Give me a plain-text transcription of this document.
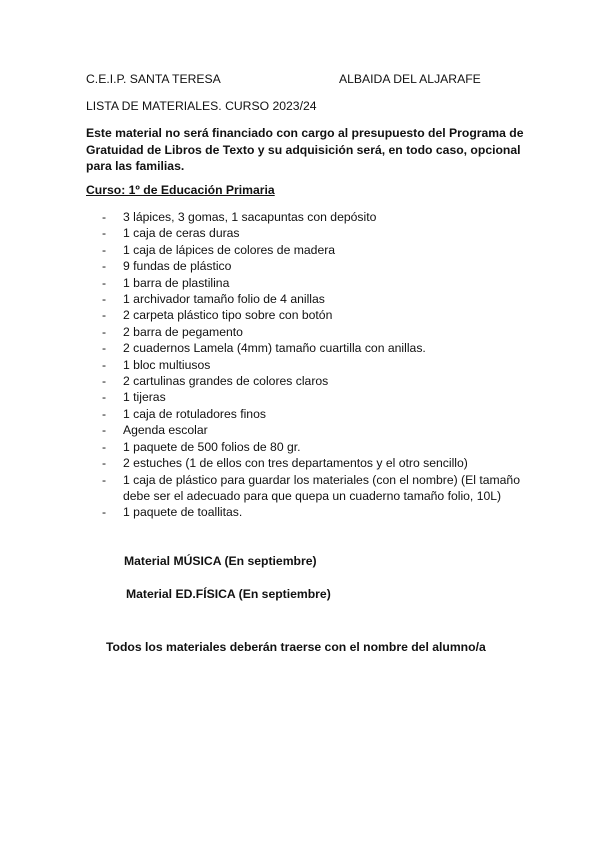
C.E.I.P. SANTA TERESA	ALBAIDA DEL ALJARAFE
LISTA DE MATERIALES. CURSO 2023/24
Este material no será financiado con cargo al presupuesto del Programa de Gratuidad de Libros de Texto y su adquisición será, en todo caso, opcional para las familias.
Curso: 1º de Educación Primaria
- 3 lápices, 3 gomas, 1 sacapuntas con depósito
- 1 caja de ceras duras
- 1 caja de lápices de colores de madera
- 9 fundas de plástico
- 1 barra de plastilina
- 1 archivador tamaño folio de 4 anillas
- 2 carpeta plástico tipo sobre con botón
- 2 barra de pegamento
- 2 cuadernos Lamela (4mm) tamaño cuartilla con anillas.
- 1 bloc multiusos
- 2 cartulinas grandes de colores claros
- 1 tijeras
- 1 caja de rotuladores finos
- Agenda escolar
- 1 paquete de 500 folios de 80 gr.
- 2 estuches (1 de ellos con tres departamentos y el otro sencillo)
- 1 caja de plástico para guardar los materiales (con el nombre) (El tamaño debe ser el adecuado para que quepa un cuaderno tamaño folio, 10L)
- 1 paquete de toallitas.
Material MÚSICA (En septiembre)
Material ED.FÍSICA (En septiembre)
Todos los materiales deberán traerse con el nombre del alumno/a
